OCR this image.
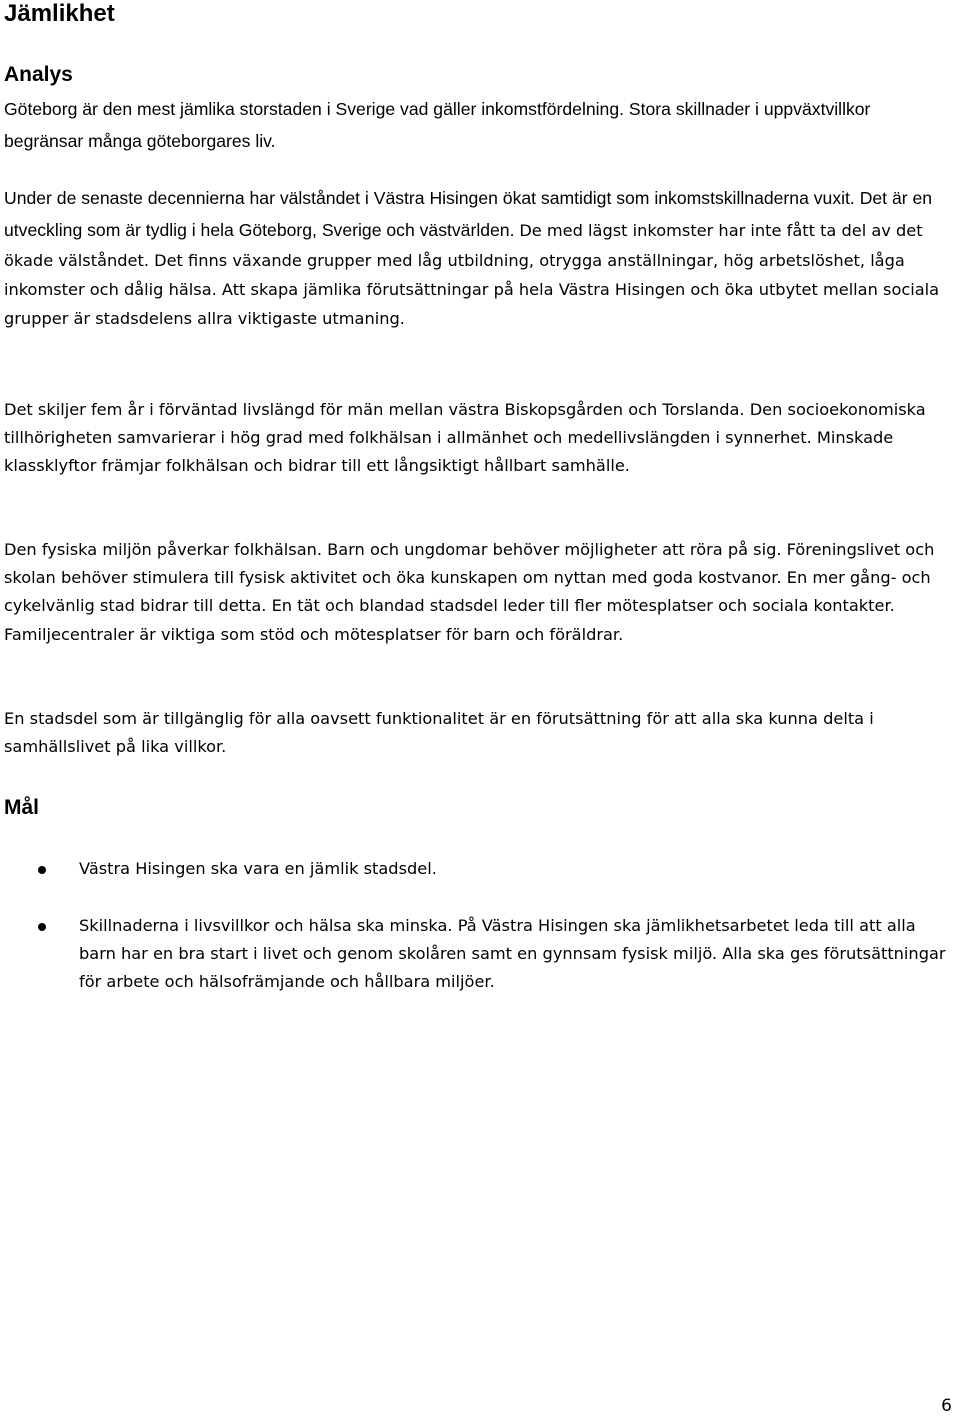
Jämlikhet
Analys

Göteborg är den mest jämlika storstaden i Sverige vad gäller inkomstfördelning. Stora skillnader i uppväxtvillkor begränsar många göteborgares liv.

Under de senaste decennierna har välståndet i Västra Hisingen ökat samtidigt som inkomstskillnaderna vuxit. Det är en utveckling som är tydlig i hela Göteborg, Sverige och västvärlden. De med lägst inkomster har inte fått ta del av det ökade välståndet. Det finns växande grupper med låg utbildning, otrygga anställningar, hög arbetslöshet, låga inkomster och dålig hälsa. Att skapa jämlika förutsättningar på hela Västra Hisingen och öka utbytet mellan sociala grupper är stadsdelens allra viktigaste utmaning.

Det skiljer fem år i förväntad livslängd för män mellan västra Biskopsgården och Torslanda. Den socioekonomiska tillhörigheten samvarierar i hög grad med folkhälsan i allmänhet och medellivslängden i synnerhet. Minskade klassklyftor främjar folkhälsan och bidrar till ett långsiktigt hållbart samhälle.

Den fysiska miljön påverkar folkhälsan. Barn och ungdomar behöver möjligheter att röra på sig. Föreningslivet och skolan behöver stimulera till fysisk aktivitet och öka kunskapen om nyttan med goda kostvanor. En mer gång- och cykelvänlig stad bidrar till detta. En tät och blandad stadsdel leder till fler mötesplatser och sociala kontakter. Familjecentraler är viktiga som stöd och mötesplatser för barn och föräldrar.

En stadsdel som är tillgänglig för alla oavsett funktionalitet är en förutsättning för att alla ska kunna delta i samhällslivet på lika villkor.

Mål

Västra Hisingen ska vara en jämlik stadsdel.

Skillnaderna i livsvillkor och hälsa ska minska. På Västra Hisingen ska jämlikhetsarbetet leda till att alla barn har en bra start i livet och genom skolåren samt en gynnsam fysisk miljö. Alla ska ges förutsättningar för arbete och hälsofrämjande och hållbara miljöer.

6
